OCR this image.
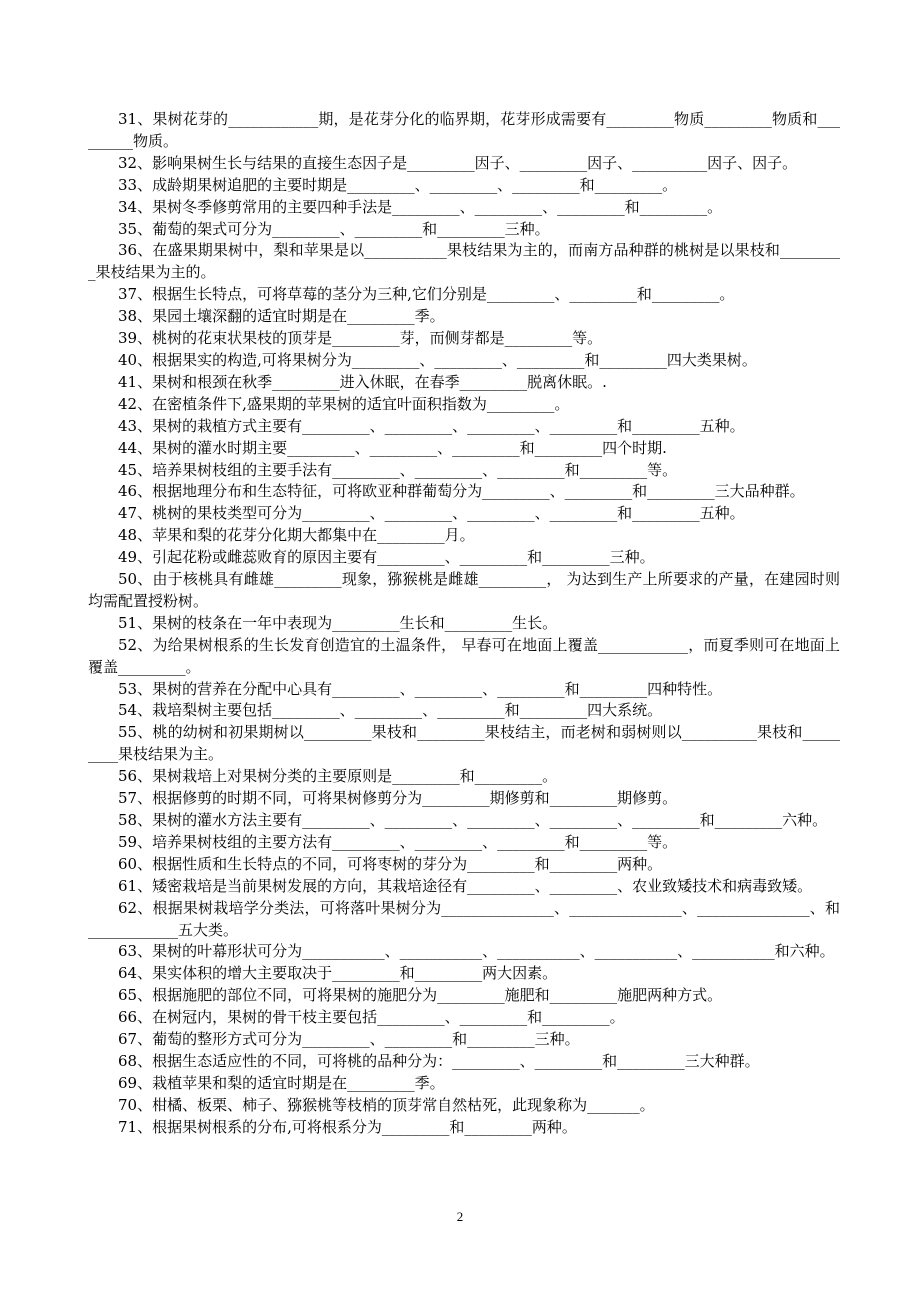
31、果树花芽的____________期，是花芽分化的临界期，花芽形成需要有_________物质_________物质和_________物质。

32、影响果树生长与结果的直接生态因子是_________因子、_________因子、__________因子、因子。

33、成龄期果树追肥的主要时期是_________、_________、_________和_________。

34、果树冬季修剪常用的主要四种手法是_________、_________、_________和_________。

35、葡萄的架式可分为_________、_________和_________三种。

36、在盛果期果树中，梨和苹果是以___________果枝结果为主的，而南方品种群的桃树是以果枝和_________果枝结果为主的。

37、根据生长特点，可将草莓的茎分为三种,它们分别是_________、_________和_________。

38、果园土壤深翻的适宜时期是在_________季。

39、桃树的花束状果枝的顶芽是_________芽，而侧芽都是_________等。

40、根据果实的构造,可将果树分为_________、_________、_________和_________四大类果树。

41、果树和根颈在秋季_________进入休眠，在春季_________脱离休眠。.

42、在密植条件下,盛果期的苹果树的适宜叶面积指数为_________。

43、果树的栽植方式主要有_________、_________、_________、_________和_________五种。

44、果树的灌水时期主要_________、_________、_________和_________四个时期.

45、培养果树枝组的主要手法有_________、_________、_________和_________等。

46、根据地理分布和生态特征，可将欧亚种群葡萄分为_________、_________和_________三大品种群。

47、桃树的果枝类型可分为_________、_________、_________、_________和_________五种。

48、苹果和梨的花芽分化期大都集中在_________月。

49、引起花粉或雌蕊败育的原因主要有_________、_________和_________三种。

50、由于核桃具有雌雄_________现象，猕猴桃是雌雄_________， 为达到生产上所要求的产量，在建园时则均需配置授粉树。

51、果树的枝条在一年中表现为_________生长和_________生长。

52、为给果树根系的生长发育创造宜的土温条件， 早春可在地面上覆盖____________，而夏季则可在地面上覆盖_________。

53、果树的营养在分配中心具有_________、_________、_________和_________四种特性。

54、栽培梨树主要包括_________、_________、_________和_________四大系统。

55、桃的幼树和初果期树以_________果枝和_________果枝结主，而老树和弱树则以__________果枝和_________果枝结果为主。

56、果树栽培上对果树分类的主要原则是_________和_________。

57、根据修剪的时期不同，可将果树修剪分为_________期修剪和_________期修剪。

58、果树的灌水方法主要有_________、_________、_________、_________、_________和_________六种。

59、培养果树枝组的主要方法有_________、_________、_________和_________等。

60、根据性质和生长特点的不同，可将枣树的芽分为_________和_________两种。

61、矮密栽培是当前果树发展的方向，其栽培途径有_________、_________、农业致矮技术和病毒致矮。

62、根据果树栽培学分类法，可将落叶果树分为_______________、_______________、_______________、和____________五大类。

63、果树的叶幕形状可分为___________、___________、___________、___________、___________和六种。

64、果实体积的增大主要取决于_________和_________两大因素。

65、根据施肥的部位不同，可将果树的施肥分为_________施肥和_________施肥两种方式。

66、在树冠内，果树的骨干枝主要包括_________、_________和_________。

67、葡萄的整形方式可分为_________、_________和_________三种。

68、根据生态适应性的不同，可将桃的品种分为：_________、_________和_________三大种群。

69、栽植苹果和梨的适宜时期是在_________季。

70、柑橘、板栗、柿子、猕猴桃等枝梢的顶芽常自然枯死，此现象称为_______。

71、根据果树根系的分布,可将根系分为_________和_________两种。

2
